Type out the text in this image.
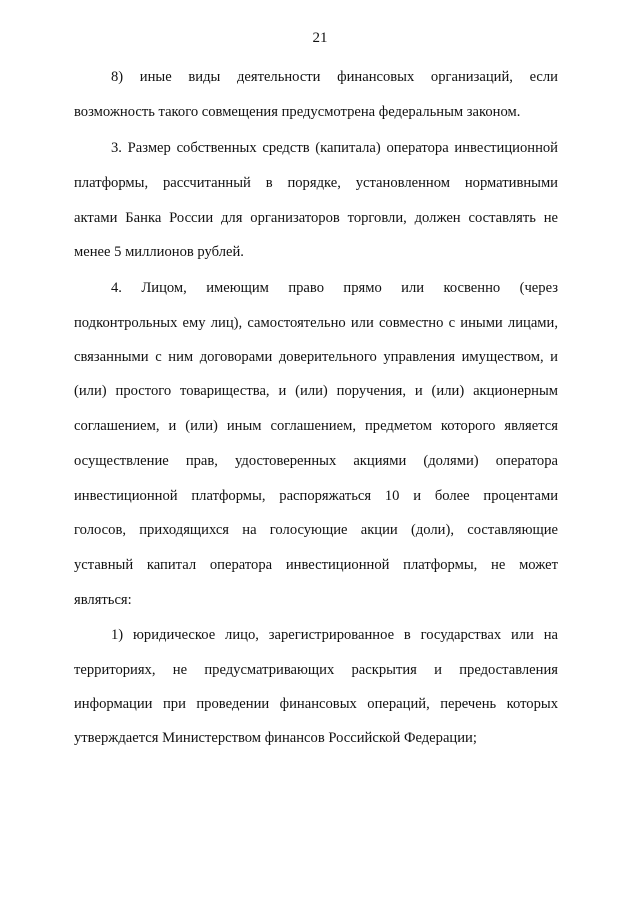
21
8) иные виды деятельности финансовых организаций, если
возможность такого совмещения предусмотрена федеральным законом.
3. Размер собственных средств (капитала) оператора инвестиционной
платформы, рассчитанный в порядке, установленном нормативными
актами Банка России для организаторов торговли, должен составлять не
менее 5 миллионов рублей.
4. Лицом, имеющим право прямо или косвенно (через
подконтрольных ему лиц), самостоятельно или совместно с иными лицами,
связанными с ним договорами доверительного управления имуществом, и
(или) простого товарищества, и (или) поручения, и (или) акционерным
соглашением, и (или) иным соглашением, предметом которого является
осуществление прав, удостоверенных акциями (долями) оператора
инвестиционной платформы, распоряжаться 10 и более процентами
голосов, приходящихся на голосующие акции (доли), составляющие
уставный капитал оператора инвестиционной платформы, не может
являться:
1) юридическое лицо, зарегистрированное в государствах или на
территориях, не предусматривающих раскрытия и предоставления
информации при проведении финансовых операций, перечень которых
утверждается Министерством финансов Российской Федерации;
